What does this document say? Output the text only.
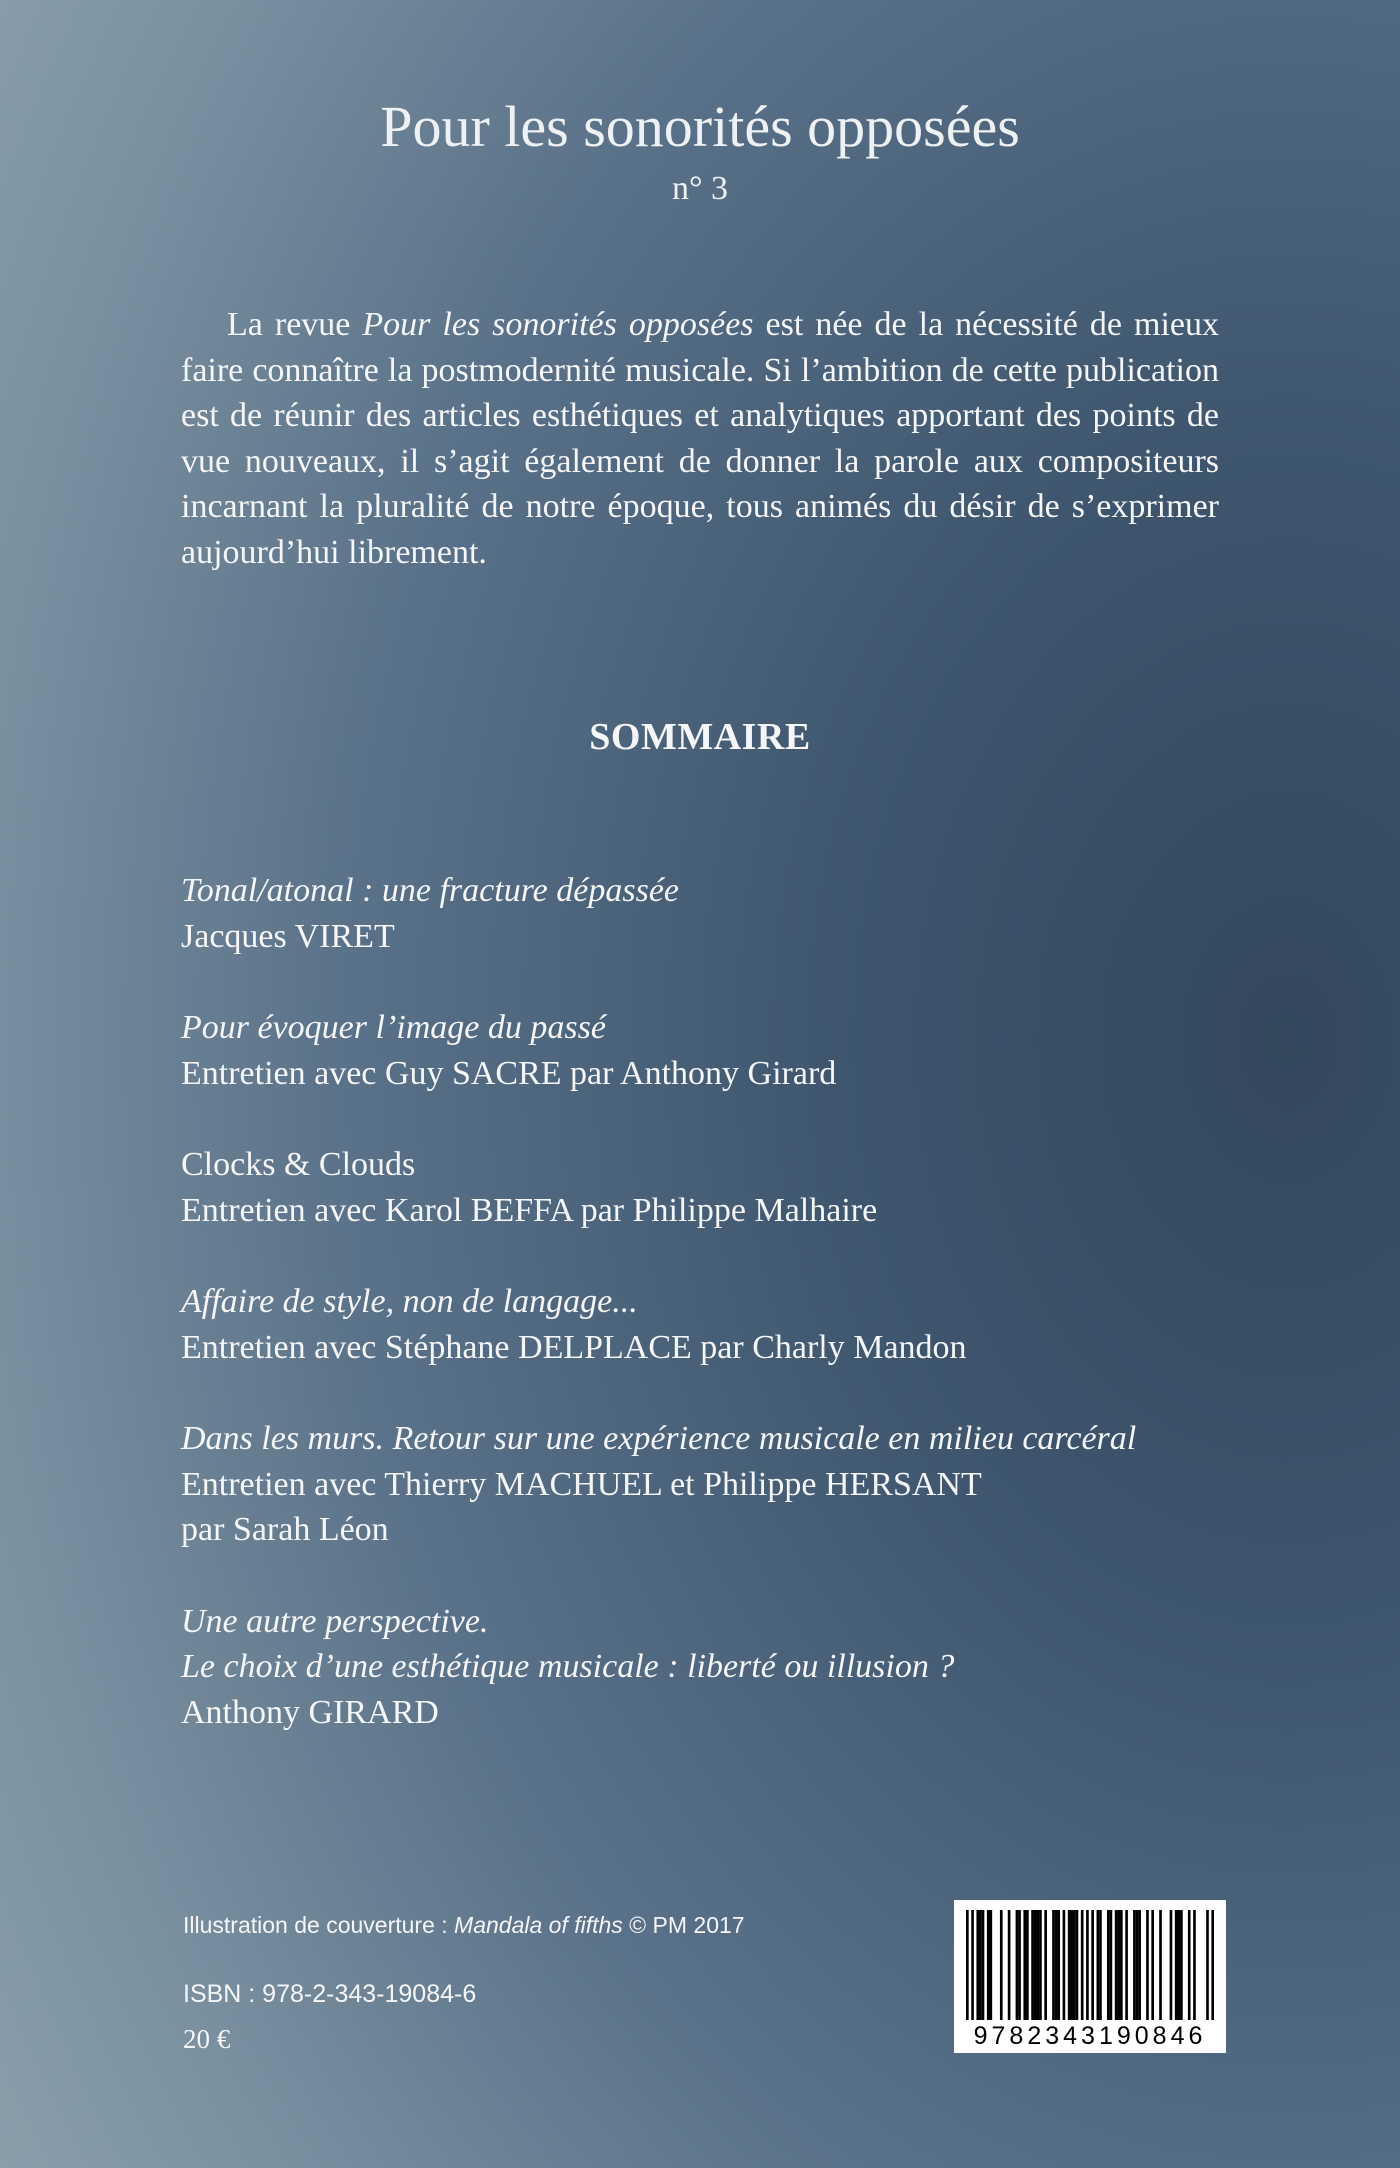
Pour les sonorités opposées
n° 3
La revue Pour les sonorités opposées est née de la nécessité de mieux faire connaître la postmodernité musicale. Si l’ambition de cette publication est de réunir des articles esthétiques et analytiques apportant des points de vue nouveaux, il s’agit également de donner la parole aux compositeurs incarnant la pluralité de notre époque, tous animés du désir de s’exprimer aujourd’hui librement.
SOMMAIRE
Tonal/atonal : une fracture dépassée
Jacques VIRET
Pour évoquer l’image du passé
Entretien avec Guy SACRE par Anthony Girard
Clocks & Clouds
Entretien avec Karol BEFFA par Philippe Malhaire
Affaire de style, non de langage...
Entretien avec Stéphane DELPLACE par Charly Mandon
Dans les murs. Retour sur une expérience musicale en milieu carcéral
Entretien avec Thierry MACHUEL et Philippe HERSANT
par Sarah Léon
Une autre perspective.
Le choix d’une esthétique musicale : liberté ou illusion ?
Anthony GIRARD
Illustration de couverture : Mandala of fifths © PM 2017
ISBN : 978-2-343-19084-6
20 €	9782343190846
